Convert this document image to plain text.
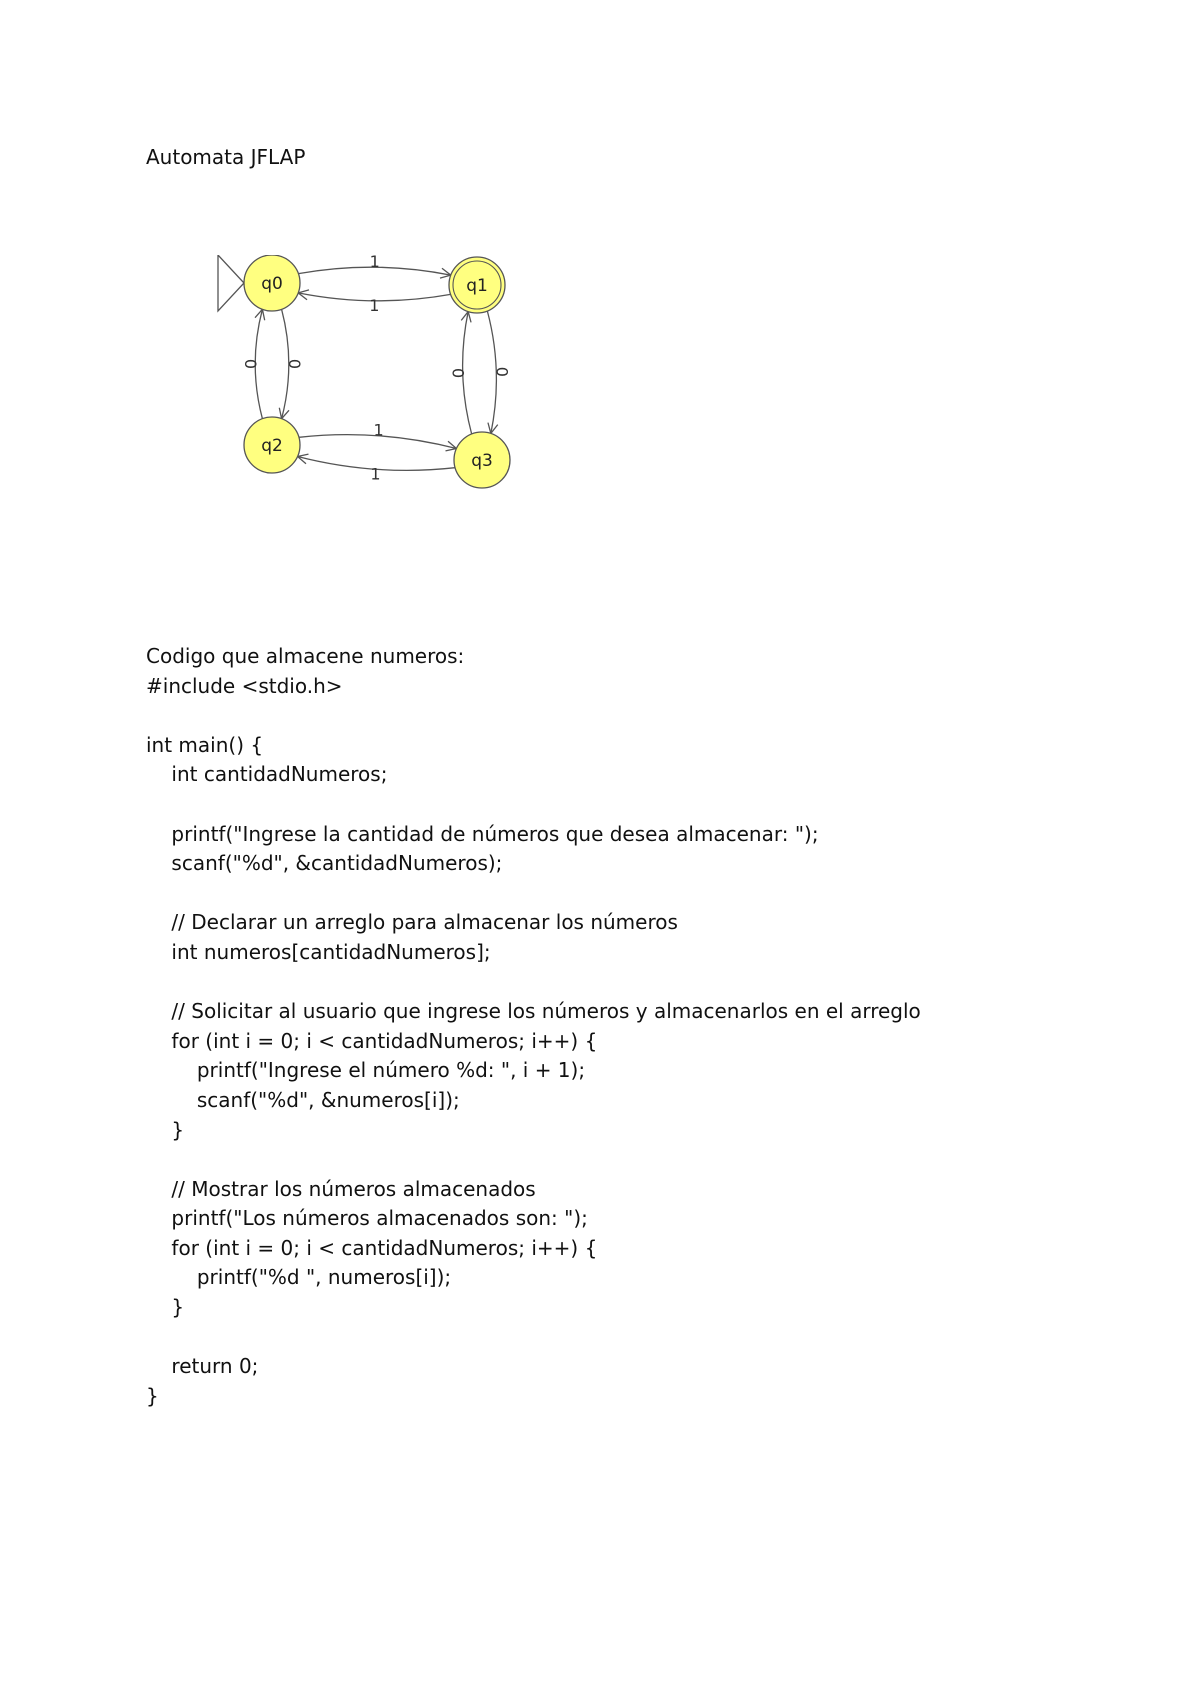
Automata JFLAP
1
1
0
0
0
0
1
1
q0	q1
q2
q3
Codigo que almacene numeros:
#include <stdio.h>
int main() {
int cantidadNumeros;
printf("Ingrese la cantidad de números que desea almacenar: ");
scanf("%d", &cantidadNumeros);
// Declarar un arreglo para almacenar los números
int numeros[cantidadNumeros];
// Solicitar al usuario que ingrese los números y almacenarlos en el arreglo
for (int i = 0; i < cantidadNumeros; i++) {
printf("Ingrese el número %d: ", i + 1);
scanf("%d", &numeros[i]);
}
// Mostrar los números almacenados
printf("Los números almacenados son: ");
for (int i = 0; i < cantidadNumeros; i++) {
printf("%d ", numeros[i]);
}
return 0;
}
